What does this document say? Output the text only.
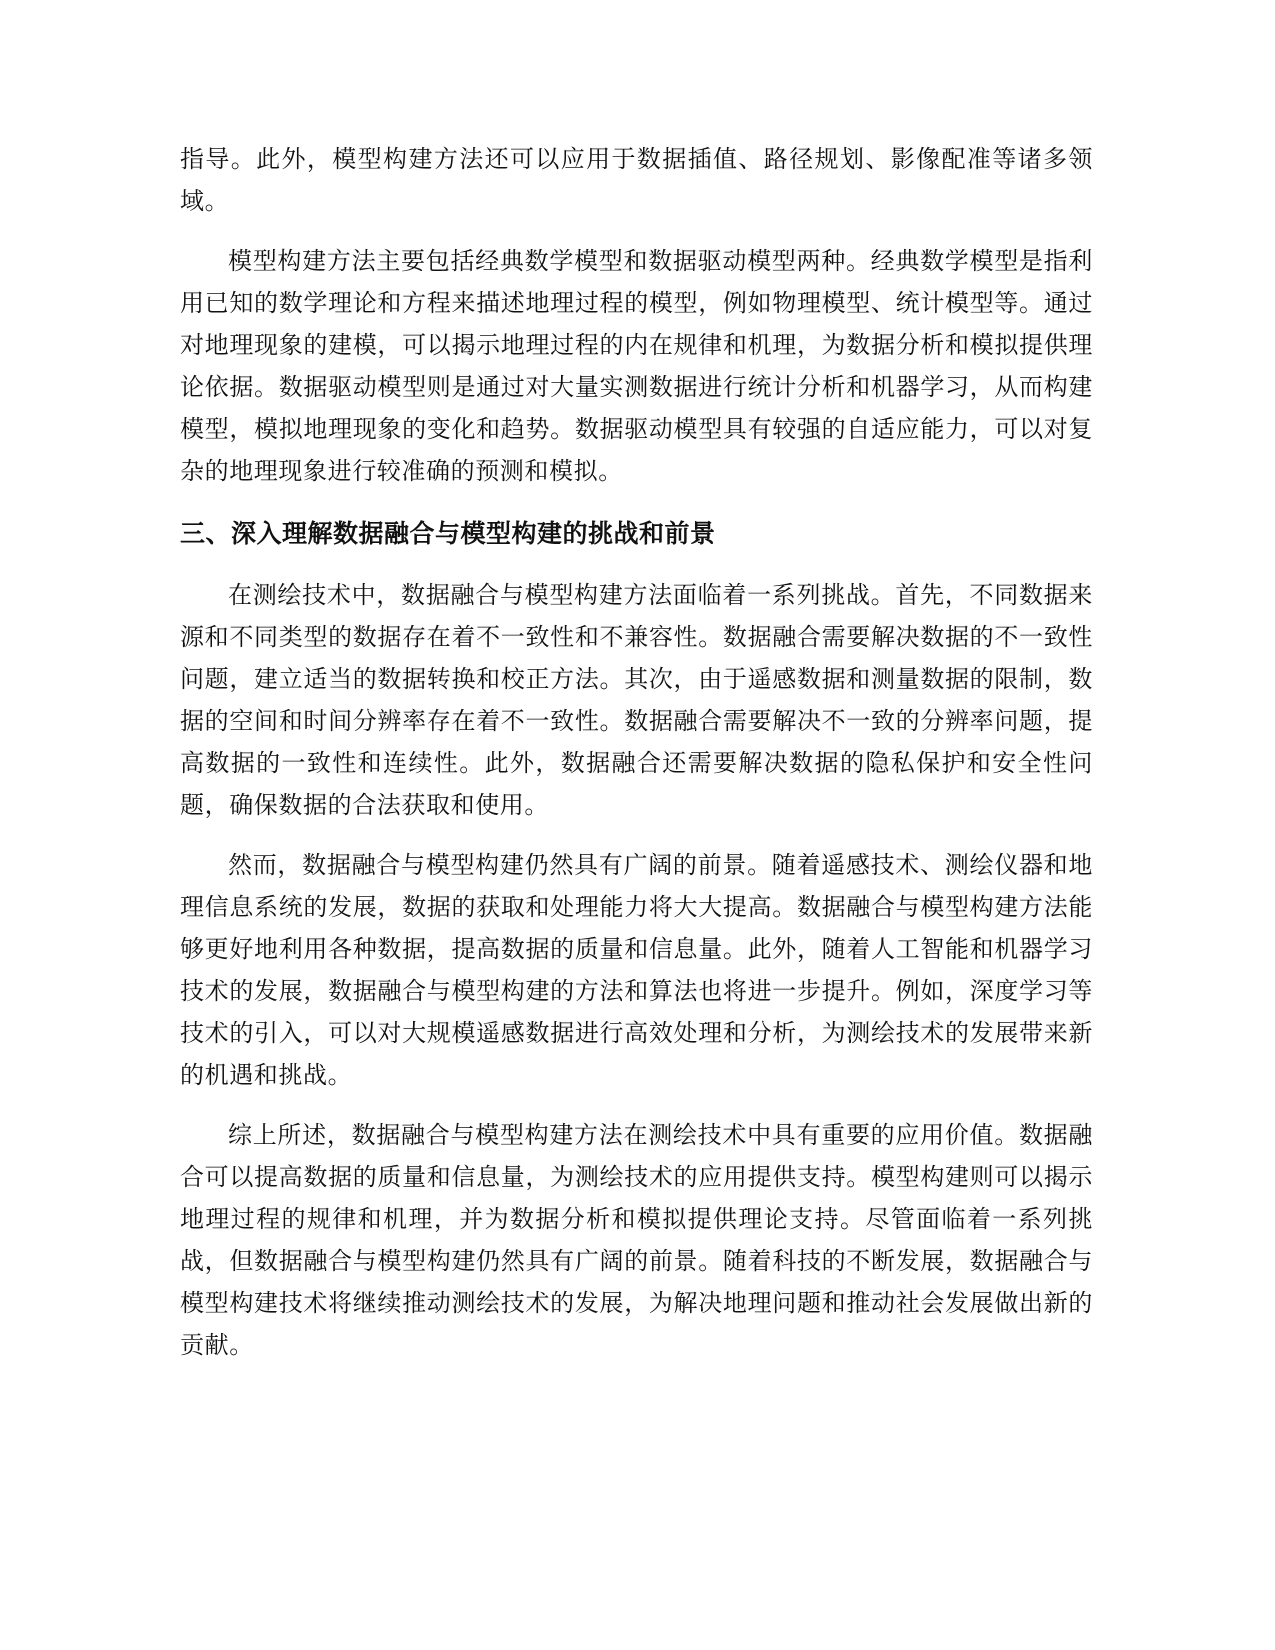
指导。此外，模型构建方法还可以应用于数据插值、路径规划、影像配准等诸多领域。

模型构建方法主要包括经典数学模型和数据驱动模型两种。经典数学模型是指利用已知的数学理论和方程来描述地理过程的模型，例如物理模型、统计模型等。通过对地理现象的建模，可以揭示地理过程的内在规律和机理，为数据分析和模拟提供理论依据。数据驱动模型则是通过对大量实测数据进行统计分析和机器学习，从而构建模型，模拟地理现象的变化和趋势。数据驱动模型具有较强的自适应能力，可以对复杂的地理现象进行较准确的预测和模拟。

三、深入理解数据融合与模型构建的挑战和前景

在测绘技术中，数据融合与模型构建方法面临着一系列挑战。首先，不同数据来源和不同类型的数据存在着不一致性和不兼容性。数据融合需要解决数据的不一致性问题，建立适当的数据转换和校正方法。其次，由于遥感数据和测量数据的限制，数据的空间和时间分辨率存在着不一致性。数据融合需要解决不一致的分辨率问题，提高数据的一致性和连续性。此外，数据融合还需要解决数据的隐私保护和安全性问题，确保数据的合法获取和使用。

然而，数据融合与模型构建仍然具有广阔的前景。随着遥感技术、测绘仪器和地理信息系统的发展，数据的获取和处理能力将大大提高。数据融合与模型构建方法能够更好地利用各种数据，提高数据的质量和信息量。此外，随着人工智能和机器学习技术的发展，数据融合与模型构建的方法和算法也将进一步提升。例如，深度学习等技术的引入，可以对大规模遥感数据进行高效处理和分析，为测绘技术的发展带来新的机遇和挑战。

综上所述，数据融合与模型构建方法在测绘技术中具有重要的应用价值。数据融合可以提高数据的质量和信息量，为测绘技术的应用提供支持。模型构建则可以揭示地理过程的规律和机理，并为数据分析和模拟提供理论支持。尽管面临着一系列挑战，但数据融合与模型构建仍然具有广阔的前景。随着科技的不断发展，数据融合与模型构建技术将继续推动测绘技术的发展，为解决地理问题和推动社会发展做出新的贡献。
